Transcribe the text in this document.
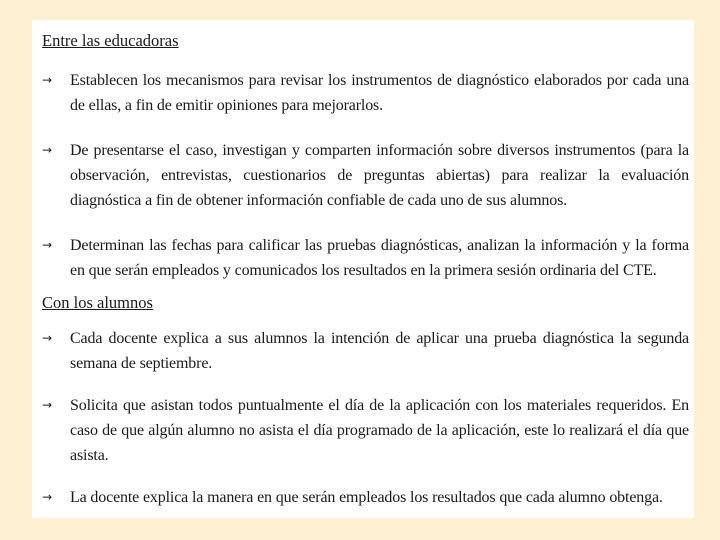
Entre las educadoras
→ Establecen los mecanismos para revisar los instrumentos de diagnóstico elaborados por cada una de ellas, a fin de emitir opiniones para mejorarlos.
→ De presentarse el caso, investigan y comparten información sobre diversos instrumentos (para la observación, entrevistas, cuestionarios de preguntas abiertas) para realizar la evaluación diagnóstica a fin de obtener información confiable de cada uno de sus alumnos.
→ Determinan las fechas para calificar las pruebas diagnósticas, analizan la información y la forma en que serán empleados y comunicados los resultados en la primera sesión ordinaria del CTE.
Con los alumnos
→ Cada docente explica a sus alumnos la intención de aplicar una prueba diagnóstica la segunda semana de septiembre.
→ Solicita que asistan todos puntualmente el día de la aplicación con los materiales requeridos. En caso de que algún alumno no asista el día programado de la aplicación, este lo realizará el día que asista.
→ La docente explica la manera en que serán empleados los resultados que cada alumno obtenga.
